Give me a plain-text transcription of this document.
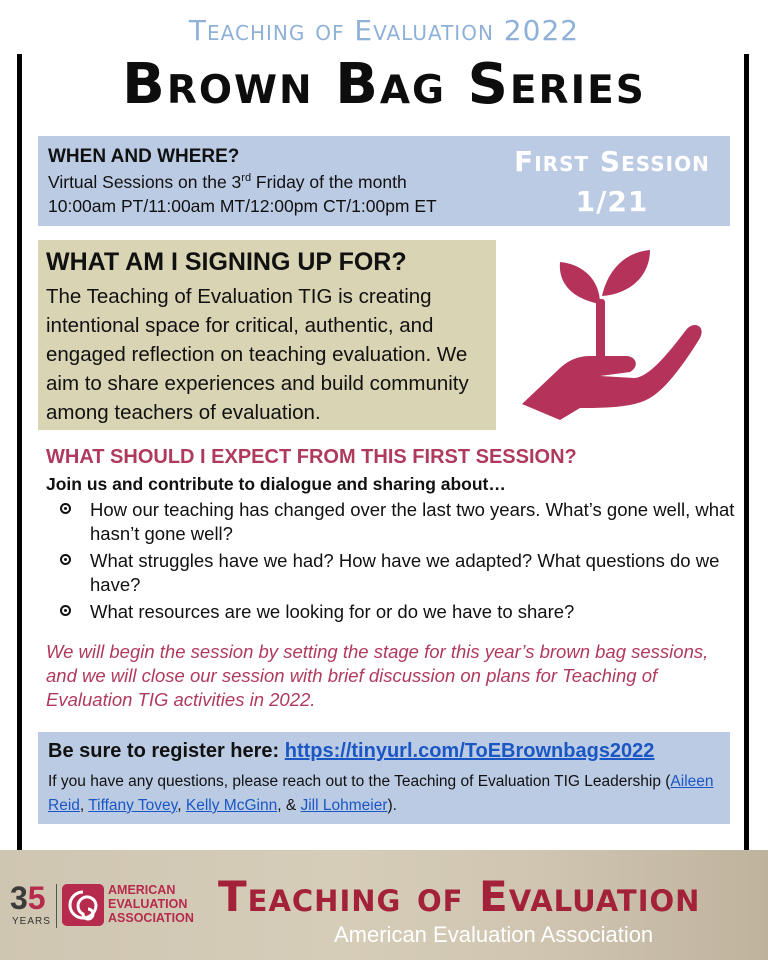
Teaching of Evaluation 2022
Brown Bag Series
WHEN AND WHERE?
Virtual Sessions on the 3rd Friday of the month
10:00am PT/11:00am MT/12:00pm CT/1:00pm ET
First Session
1/21
WHAT AM I SIGNING UP FOR?
The Teaching of Evaluation TIG is creating intentional space for critical, authentic, and engaged reflection on teaching evaluation. We aim to share experiences and build community among teachers of evaluation.
WHAT SHOULD I EXPECT FROM THIS FIRST SESSION?
Join us and contribute to dialogue and sharing about…
How our teaching has changed over the last two years. What’s gone well, what hasn’t gone well?
What struggles have we had? How have we adapted? What questions do we have?
What resources are we looking for or do we have to share?
We will begin the session by setting the stage for this year’s brown bag sessions, and we will close our session with brief discussion on plans for Teaching of Evaluation TIG activities in 2022.
Be sure to register here: https://tinyurl.com/ToEBrownbags2022
If you have any questions, please reach out to the Teaching of Evaluation TIG Leadership (Aileen Reid, Tiffany Tovey, Kelly McGinn, & Jill Lohmeier).
35
YEARS
AMERICAN
EVALUATION
ASSOCIATION Teaching of Evaluation
American Evaluation Association
